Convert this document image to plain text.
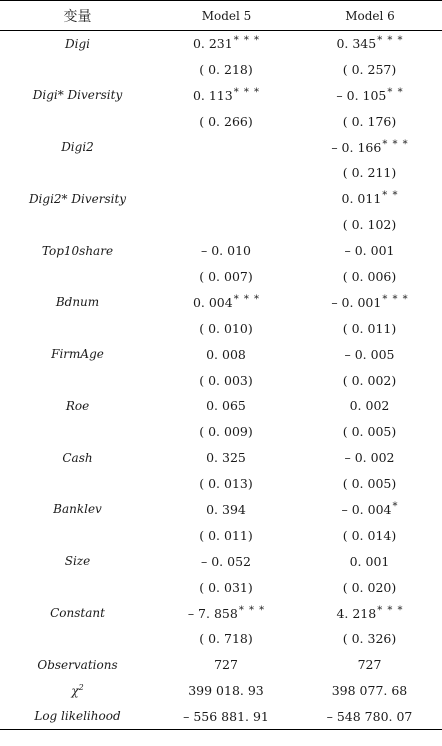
变量	Model 5	Model 6
Digi	0. 231* * *	0. 345* * *
	( 0. 218)	( 0. 257)
Digi* Diversity	0. 113* * *	– 0. 105* *
	( 0. 266)	( 0. 176)
Digi2		– 0. 166* * *
		( 0. 211)
Digi2* Diversity		0. 011* *
		( 0. 102)
Top10share	– 0. 010	– 0. 001
	( 0. 007)	( 0. 006)
Bdnum	0. 004* * *	– 0. 001* * *
	( 0. 010)	( 0. 011)
FirmAge	0. 008	– 0. 005
	( 0. 003)	( 0. 002)
Roe	0. 065	0. 002
	( 0. 009)	( 0. 005)
Cash	0. 325	– 0. 002
	( 0. 013)	( 0. 005)
Banklev	0. 394	– 0. 004*
	( 0. 011)	( 0. 014)
Size	– 0. 052	0. 001
	( 0. 031)	( 0. 020)
Constant	– 7. 858* * *	4. 218* * *
	( 0. 718)	( 0. 326)
Observations	727	727
$\chi^2$	399 018. 93	398 077. 68
Log likelihood	– 556 881. 91	– 548 780. 07
